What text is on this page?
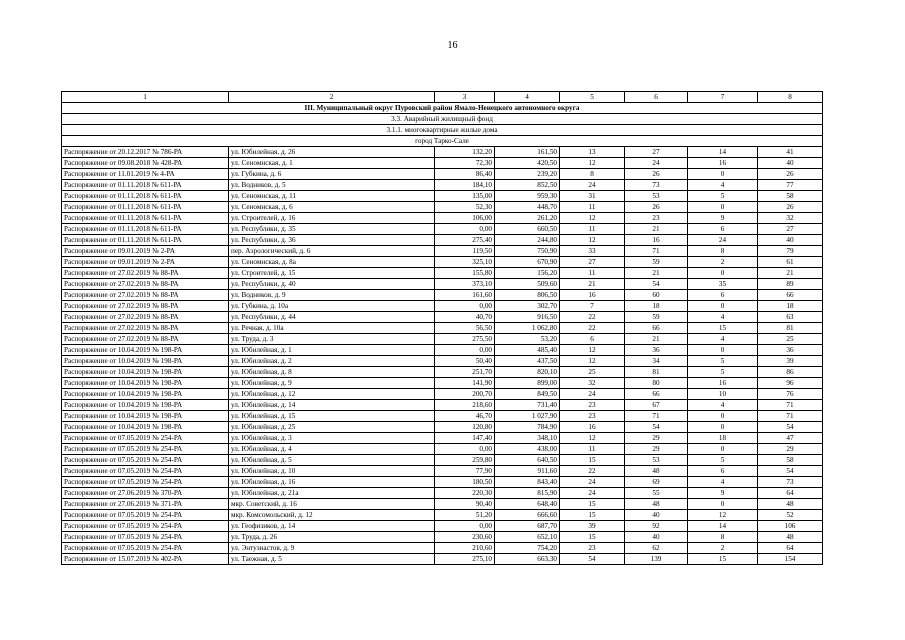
16
1	2	3	4	5	6	7	8
III. Муниципальный округ Пуровский район Ямало-Ненецкого автономного округа							
3.3. Аварийный жилищный фонд							
3.1.1. многоквартирные жилые дома							
город Тарко-Сале							
Распоряжение от 20.12.2017 № 786-РА	ул. Юбилейная, д. 26	132,20	161,50	13	27	14	41
Распоряжение от 09.08.2018 № 428-РА	ул. Сеномнская, д. 1	72,30	420,50	12	24	16	40
Распоряжение от 11.01.2019 № 4-РА	ул. Губкина, д. 6	86,40	239,20	8	26	0	26
Распоряжение от 01.11.2018 № 611-РА	ул. Водников, д. 5	184,10	852,50	24	73	4	77
Распоряжение от 01.11.2018 № 611-РА	ул. Сеномнская, д. 11	135,00	959,30	31	53	5	58
Распоряжение от 01.11.2018 № 611-РА	ул. Сеномнская, д. 6	52,30	448,70	11	26	0	26
Распоряжение от 01.11.2018 № 611-РА	ул. Строителей, д. 16	106,00	261,20	12	23	9	32
Распоряжение от 01.11.2018 № 611-РА	ул. Республики, д. 35	0,00	660,50	11	21	6	27
Распоряжение от 01.11.2018 № 611-РА	ул. Республики, д. 36	275,40	244,80	12	16	24	40
Распоряжение от 09.01.2019 № 2-РА	пер. Аэрологический, д. 6	119,50	750,90	33	71	8	79
Распоряжение от 09.01.2019 № 2-РА	ул. Сеномнская, д. 8а	325,10	670,90	27	59	2	61
Распоряжение от 27.02.2019 № 88-РА	ул. Строителей, д. 15	155,80	156,20	11	21	0	21
Распоряжение от 27.02.2019 № 88-РА	ул. Республики, д. 40	373,10	509,60	21	54	35	89
Распоряжение от 27.02.2019 № 88-РА	ул. Водников, д. 9	161,60	806,50	16	60	6	66
Распоряжение от 27.02.2019 № 88-РА	ул. Губкина, д. 10а	0,00	302,70	7	18	0	18
Распоряжение от 27.02.2019 № 88-РА	ул. Республики, д. 44	40,70	916,50	22	59	4	63
Распоряжение от 27.02.2019 № 88-РА	ул. Речная, д. 10а	56,50	1 062,80	22	66	15	81
Распоряжение от 27.02.2019 № 88-РА	ул. Труда, д. 3	275,50	53,20	6	21	4	25
Распоряжение от 10.04.2019 № 198-РА	ул. Юбилейная, д. 1	0,00	485,40	12	36	0	36
Распоряжение от 10.04.2019 № 198-РА	ул. Юбилейная, д. 2	50,40	437,50	12	34	5	39
Распоряжение от 10.04.2019 № 198-РА	ул. Юбилейная, д. 8	251,70	820,10	25	81	5	86
Распоряжение от 10.04.2019 № 198-РА	ул. Юбилейная, д. 9	141,90	899,00	32	80	16	96
Распоряжение от 10.04.2019 № 198-РА	ул. Юбилейная, д. 12	200,70	849,50	24	66	10	76
Распоряжение от 10.04.2019 № 198-РА	ул. Юбилейная, д. 14	218,60	731,40	23	67	4	71
Распоряжение от 10.04.2019 № 198-РА	ул. Юбилейная, д. 15	46,70	1 027,90	23	71	0	71
Распоряжение от 10.04.2019 № 198-РА	ул. Юбилейная, д. 25	120,80	784,90	16	54	0	54
Распоряжение от 07.05.2019 № 254-РА	ул. Юбилейная, д. 3	147,40	348,10	12	29	18	47
Распоряжение от 07.05.2019 № 254-РА	ул. Юбилейная, д. 4	0,00	438,00	11	29	0	29
Распоряжение от 07.05.2019 № 254-РА	ул. Юбилейная, д. 5	259,80	640,50	15	53	5	58
Распоряжение от 07.05.2019 № 254-РА	ул. Юбилейная, д. 10	77,90	911,60	22	48	6	54
Распоряжение от 07.05.2019 № 254-РА	ул. Юбилейная, д. 16	180,50	843,40	24	69	4	73
Распоряжение от 27.06.2019 № 370-РА	ул. Юбилейная, д. 21а	220,30	815,90	24	55	9	64
Распоряжение от 27.06.2019 № 371-РА	мкр. Советский, д. 16	90,40	648,40	15	48	0	48
Распоряжение от 07.05.2019 № 254-РА	мкр. Комсомольский, д. 12	51,20	666,60	15	40	12	52
Распоряжение от 07.05.2019 № 254-РА	ул. Геофизиков, д. 14	0,00	687,70	39	92	14	106
Распоряжение от 07.05.2019 № 254-РА	ул. Труда, д. 26	230,60	652,10	15	40	8	48
Распоряжение от 07.05.2019 № 254-РА	ул. Энтузиастов, д. 9	210,60	754,20	23	62	2	64
Распоряжение от 15.07.2019 № 402-РА	ул. Таежная, д. 5	275,10	663,30	54	139	15	154
